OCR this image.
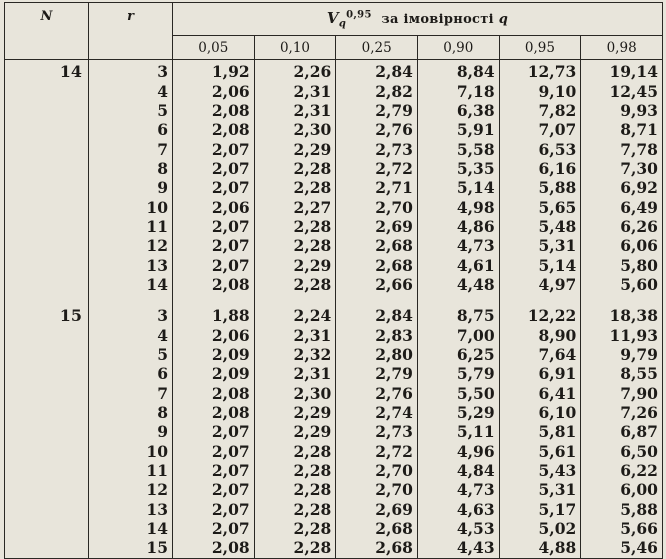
N	r	$V_q^{0,95}$ за імовірності q					
		0,05	0,10	0,25	0,90	0,95	0,98
14	3	1,92	2,26	2,84	8,84	12,73	19,14
	4	2,06	2,31	2,82	7,18	9,10	12,45
	5	2,08	2,31	2,79	6,38	7,82	9,93
	6	2,08	2,30	2,76	5,91	7,07	8,71
	7	2,07	2,29	2,73	5,58	6,53	7,78
	8	2,07	2,28	2,72	5,35	6,16	7,30
	9	2,07	2,28	2,71	5,14	5,88	6,92
	10	2,06	2,27	2,70	4,98	5,65	6,49
	11	2,07	2,28	2,69	4,86	5,48	6,26
	12	2,07	2,28	2,68	4,73	5,31	6,06
	13	2,07	2,29	2,68	4,61	5,14	5,80
	14	2,08	2,28	2,66	4,48	4,97	5,60

15	3	1,88	2,24	2,84	8,75	12,22	18,38
	4	2,06	2,31	2,83	7,00	8,90	11,93
	5	2,09	2,32	2,80	6,25	7,64	9,79
	6	2,09	2,31	2,79	5,79	6,91	8,55
	7	2,08	2,30	2,76	5,50	6,41	7,90
	8	2,08	2,29	2,74	5,29	6,10	7,26
	9	2,07	2,29	2,73	5,11	5,81	6,87
	10	2,07	2,28	2,72	4,96	5,61	6,50
	11	2,07	2,28	2,70	4,84	5,43	6,22
	12	2,07	2,28	2,70	4,73	5,31	6,00
	13	2,07	2,28	2,69	4,63	5,17	5,88
	14	2,07	2,28	2,68	4,53	5,02	5,66
	15	2,08	2,28	2,68	4,43	4,88	5,46
